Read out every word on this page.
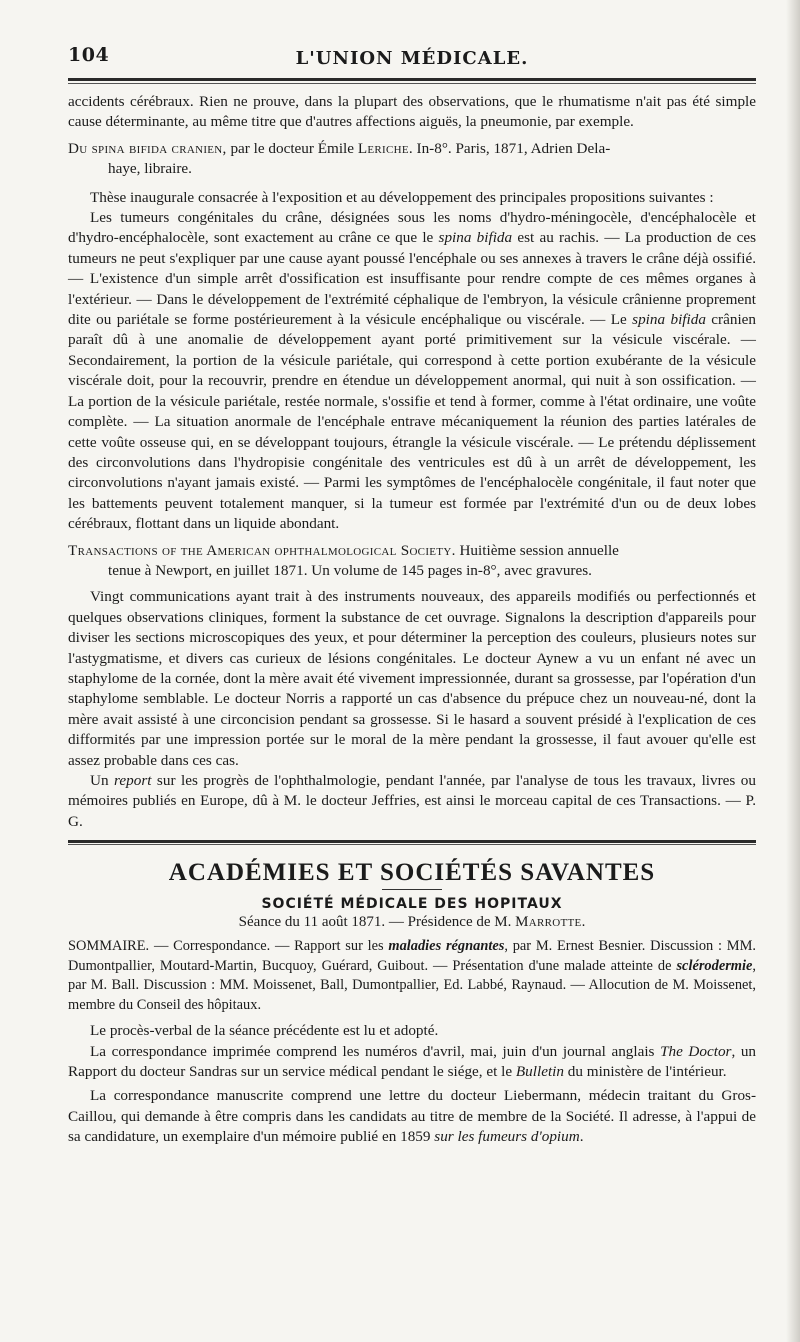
104	L'UNION MÉDICALE.

accidents cérébraux. Rien ne prouve, dans la plupart des observations, que le rhumatisme n'ait pas été simple cause déterminante, au même titre que d'autres affections aiguës, la pneumonie, par exemple.

Du spina bifida cranien, par le docteur Émile Leriche. In-8°. Paris, 1871, Adrien Dela-

haye, libraire.

Thèse inaugurale consacrée à l'exposition et au développement des principales propositions suivantes :

Les tumeurs congénitales du crâne, désignées sous les noms d'hydro-méningocèle, d'encéphalocèle et d'hydro-encéphalocèle, sont exactement au crâne ce que le spina bifida est au rachis. — La production de ces tumeurs ne peut s'expliquer par une cause ayant poussé l'encéphale ou ses annexes à travers le crâne déjà ossifié. — L'existence d'un simple arrêt d'ossification est insuffisante pour rendre compte de ces mêmes organes à l'extérieur. — Dans le développement de l'extrémité céphalique de l'embryon, la vésicule crânienne proprement dite ou pariétale se forme postérieurement à la vésicule encéphalique ou viscérale. — Le spina bifida crânien paraît dû à une anomalie de développement ayant porté primitivement sur la vésicule viscérale. — Secondairement, la portion de la vésicule pariétale, qui correspond à cette portion exubérante de la vésicule viscérale doit, pour la recouvrir, prendre en étendue un développement anormal, qui nuit à son ossification. — La portion de la vésicule pariétale, restée normale, s'ossifie et tend à former, comme à l'état ordinaire, une voûte complète. — La situation anormale de l'encéphale entrave mécaniquement la réunion des parties latérales de cette voûte osseuse qui, en se développant toujours, étrangle la vésicule viscérale. — Le prétendu déplissement des circonvolutions dans l'hydropisie congénitale des ventricules est dû à un arrêt de développement, les circonvolutions n'ayant jamais existé. — Parmi les symptômes de l'encéphalocèle congénitale, il faut noter que les battements peuvent totalement manquer, si la tumeur est formée par l'extrémité d'un ou de deux lobes cérébraux, flottant dans un liquide abondant.

Transactions of the American ophthalmological Society. Huitième session annuelle

tenue à Newport, en juillet 1871. Un volume de 145 pages in-8°, avec gravures.

Vingt communications ayant trait à des instruments nouveaux, des appareils modifiés ou perfectionnés et quelques observations cliniques, forment la substance de cet ouvrage. Signalons la description d'appareils pour diviser les sections microscopiques des yeux, et pour déterminer la perception des couleurs, plusieurs notes sur l'astygmatisme, et divers cas curieux de lésions congénitales. Le docteur Aynew a vu un enfant né avec un staphylome de la cornée, dont la mère avait été vivement impressionnée, durant sa grossesse, par l'opération d'un staphylome semblable. Le docteur Norris a rapporté un cas d'absence du prépuce chez un nouveau-né, dont la mère avait assisté à une circoncision pendant sa grossesse. Si le hasard a souvent présidé à l'explication de ces difformités par une impression portée sur le moral de la mère pendant la grossesse, il faut avouer qu'elle est assez probable dans ces cas.

Un report sur les progrès de l'ophthalmologie, pendant l'année, par l'analyse de tous les travaux, livres ou mémoires publiés en Europe, dû à M. le docteur Jeffries, est ainsi le morceau capital de ces Transactions. — P. G.

ACADÉMIES ET SOCIÉTÉS SAVANTES
SOCIÉTÉ MÉDICALE DES HOPITAUX

Séance du 11 août 1871. — Présidence de M. Marrotte.

SOMMAIRE. — Correspondance. — Rapport sur les maladies régnantes, par M. Ernest Besnier. Discussion : MM. Dumontpallier, Moutard-Martin, Bucquoy, Guérard, Guibout. — Présentation d'une malade atteinte de sclérodermie, par M. Ball. Discussion : MM. Moissenet, Ball, Dumontpallier, Ed. Labbé, Raynaud. — Allocution de M. Moissenet, membre du Conseil des hôpitaux.

Le procès-verbal de la séance précédente est lu et adopté.

La correspondance imprimée comprend les numéros d'avril, mai, juin d'un journal anglais The Doctor, un Rapport du docteur Sandras sur un service médical pendant le siége, et le Bulletin du ministère de l'intérieur.

La correspondance manuscrite comprend une lettre du docteur Liebermann, médecin traitant du Gros-Caillou, qui demande à être compris dans les candidats au titre de membre de la Société. Il adresse, à l'appui de sa candidature, un exemplaire d'un mémoire publié en 1859 sur les fumeurs d'opium.
